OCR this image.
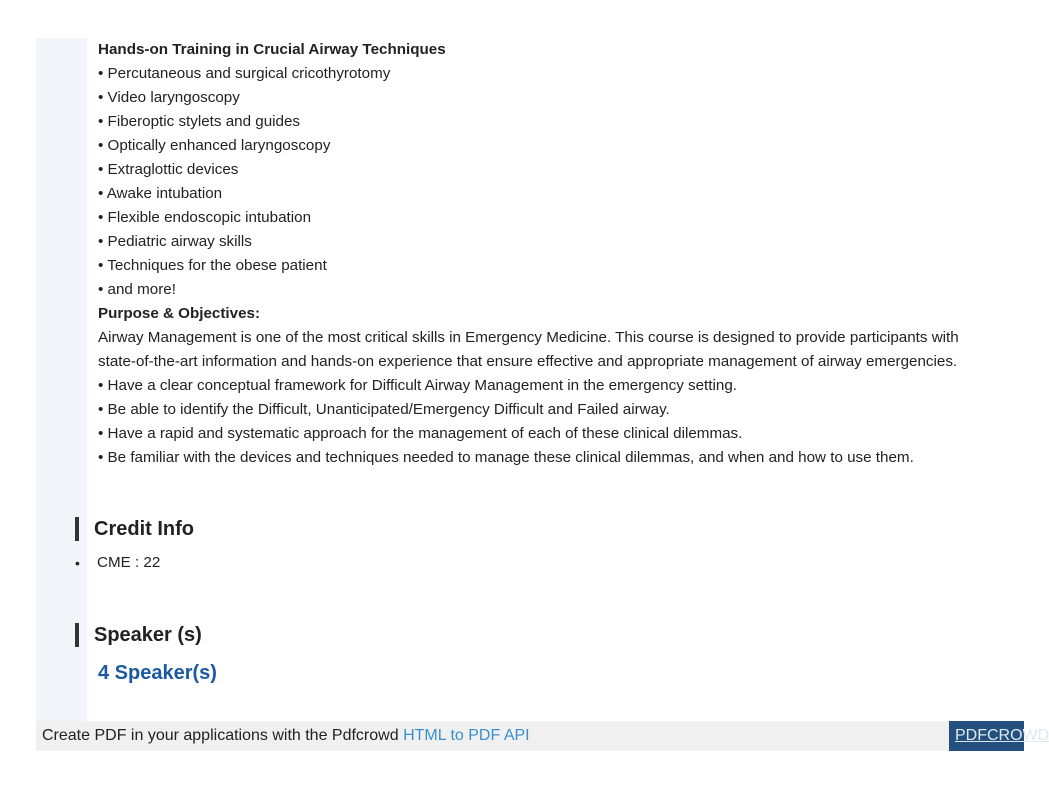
Hands-on Training in Crucial Airway Techniques
• Percutaneous and surgical cricothyrotomy
• Video laryngoscopy
• Fiberoptic stylets and guides
• Optically enhanced laryngoscopy
• Extraglottic devices
• Awake intubation
• Flexible endoscopic intubation
• Pediatric airway skills
• Techniques for the obese patient
• and more!
Purpose & Objectives:
Airway Management is one of the most critical skills in Emergency Medicine. This course is designed to provide participants with
state-of-the-art information and hands-on experience that ensure effective and appropriate management of airway emergencies.
• Have a clear conceptual framework for Difficult Airway Management in the emergency setting.
• Be able to identify the Difficult, Unanticipated/Emergency Difficult and Failed airway.
• Have a rapid and systematic approach for the management of each of these clinical dilemmas.
• Be familiar with the devices and techniques needed to manage these clinical dilemmas, and when and how to use them.
Credit Info
•	CME : 22
Speaker (s)
4 Speaker(s)
Create PDF in your applications with the Pdfcrowd HTML to PDF API	PDFCROWD
